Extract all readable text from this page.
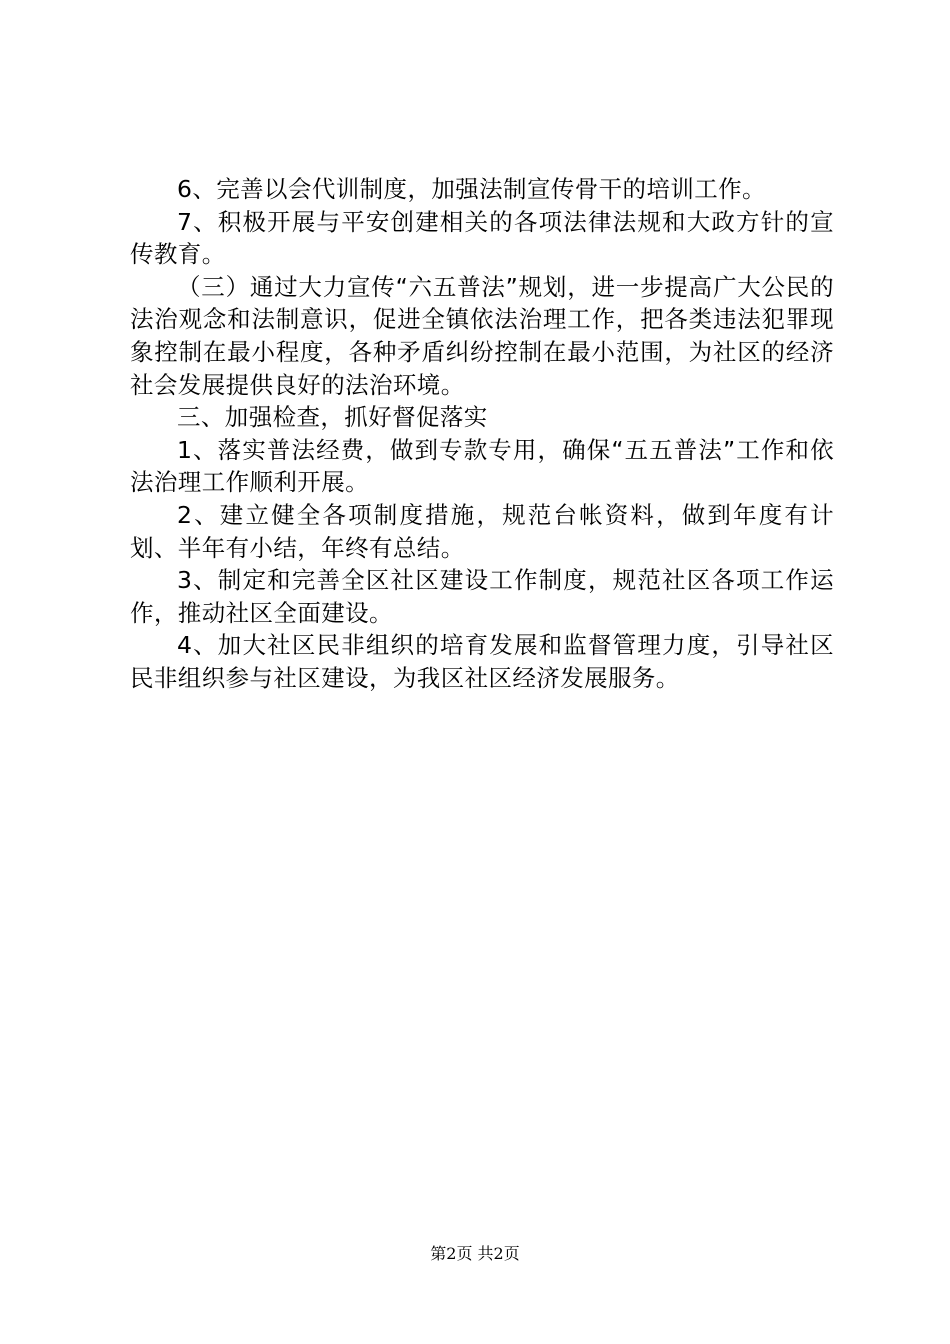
6、完善以会代训制度，加强法制宣传骨干的培训工作。

7、积极开展与平安创建相关的各项法律法规和大政方针的宣传教育。

（三）通过大力宣传“六五普法”规划，进一步提高广大公民的法治观念和法制意识，促进全镇依法治理工作，把各类违法犯罪现象控制在最小程度，各种矛盾纠纷控制在最小范围，为社区的经济社会发展提供良好的法治环境。

三、加强检查，抓好督促落实

1、落实普法经费，做到专款专用，确保“五五普法”工作和依法治理工作顺利开展。

2、建立健全各项制度措施，规范台帐资料，做到年度有计划、半年有小结，年终有总结。

3、制定和完善全区社区建设工作制度，规范社区各项工作运作，推动社区全面建设。

4、加大社区民非组织的培育发展和监督管理力度，引导社区民非组织参与社区建设，为我区社区经济发展服务。

第2页 共2页
